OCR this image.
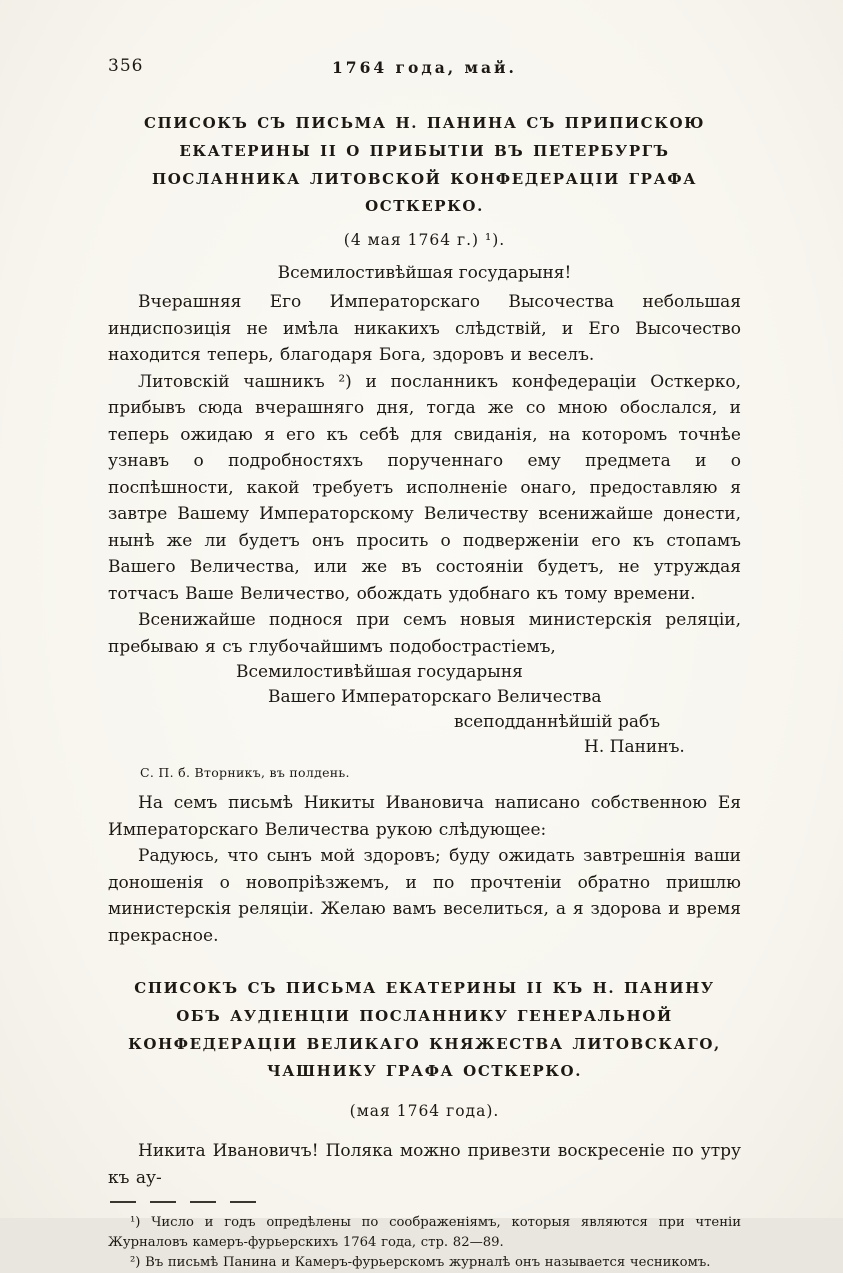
356	1764 года, май.
СПИСОКЪ СЪ ПИСЬМА Н. ПАНИНА СЪ ПРИПИСКОЮ ЕКАТЕРИНЫ II О ПРИБЫТІИ ВЪ ПЕТЕРБУРГЪ ПОСЛАННИКА ЛИТОВСКОЙ КОНФЕДЕРАЦІИ ГРАФА ОСТКЕРКО.

(4 мая 1764 г.) ¹).

Всемилостивѣйшая государыня!

Вчерашняя Его Императорскаго Высочества небольшая индиспозиція не имѣла никакихъ слѣдствій, и Его Высочество находится теперь, благодаря Бога, здоровъ и веселъ.

Литовскій чашникъ ²) и посланникъ конфедераціи Осткерко, прибывъ сюда вчерашняго дня, тогда же со мною обослался, и теперь ожидаю я его къ себѣ для свиданія, на которомъ точнѣе узнавъ о подробностяхъ порученнаго ему предмета и о поспѣшности, какой требуетъ исполненіе онаго, предоставляю я завтре Вашему Императорскому Величеству всенижайше донести, нынѣ же ли будетъ онъ просить о подверженіи его къ стопамъ Вашего Величества, или же въ состояніи будетъ, не утруждая тотчасъ Ваше Величество, обождать удобнаго къ тому времени.

Всенижайше поднося при семъ новыя министерскія реляціи, пребываю я съ глубочайшимъ подобострастіемъ,

Всемилостивѣйшая государыня

Вашего Императорскаго Величества

всеподданнѣйшій рабъ

Н. Панинъ.

С. П. б. Вторникъ, въ полдень.

На семъ письмѣ Никиты Ивановича написано собственною Ея Императорскаго Величества рукою слѣдующее:

Радуюсь, что сынъ мой здоровъ; буду ожидать завтрешнія ваши доношенія о новопріѣзжемъ, и по прочтеніи обратно пришлю министерскія реляціи. Желаю вамъ веселиться, а я здорова и время прекрасное.

СПИСОКЪ СЪ ПИСЬМА ЕКАТЕРИНЫ II КЪ Н. ПАНИНУ ОБЪ АУДІЕНЦІИ ПОСЛАННИКУ ГЕНЕРАЛЬНОЙ КОНФЕДЕРАЦІИ ВЕЛИКАГО КНЯЖЕСТВА ЛИТОВСКАГО, ЧАШНИКУ ГРАФА ОСТКЕРКО.

(мая 1764 года).

Никита Ивановичъ! Поляка можно привезти воскресеніе по утру къ ау-

¹) Число и годъ опредѣлены по соображеніямъ, которыя являются при чтеніи Журналовъ камеръ-фурьерскихъ 1764 года, стр. 82—89.

²) Въ письмѣ Панина и Камеръ-фурьерскомъ журналѣ онъ называется чесникомъ.
